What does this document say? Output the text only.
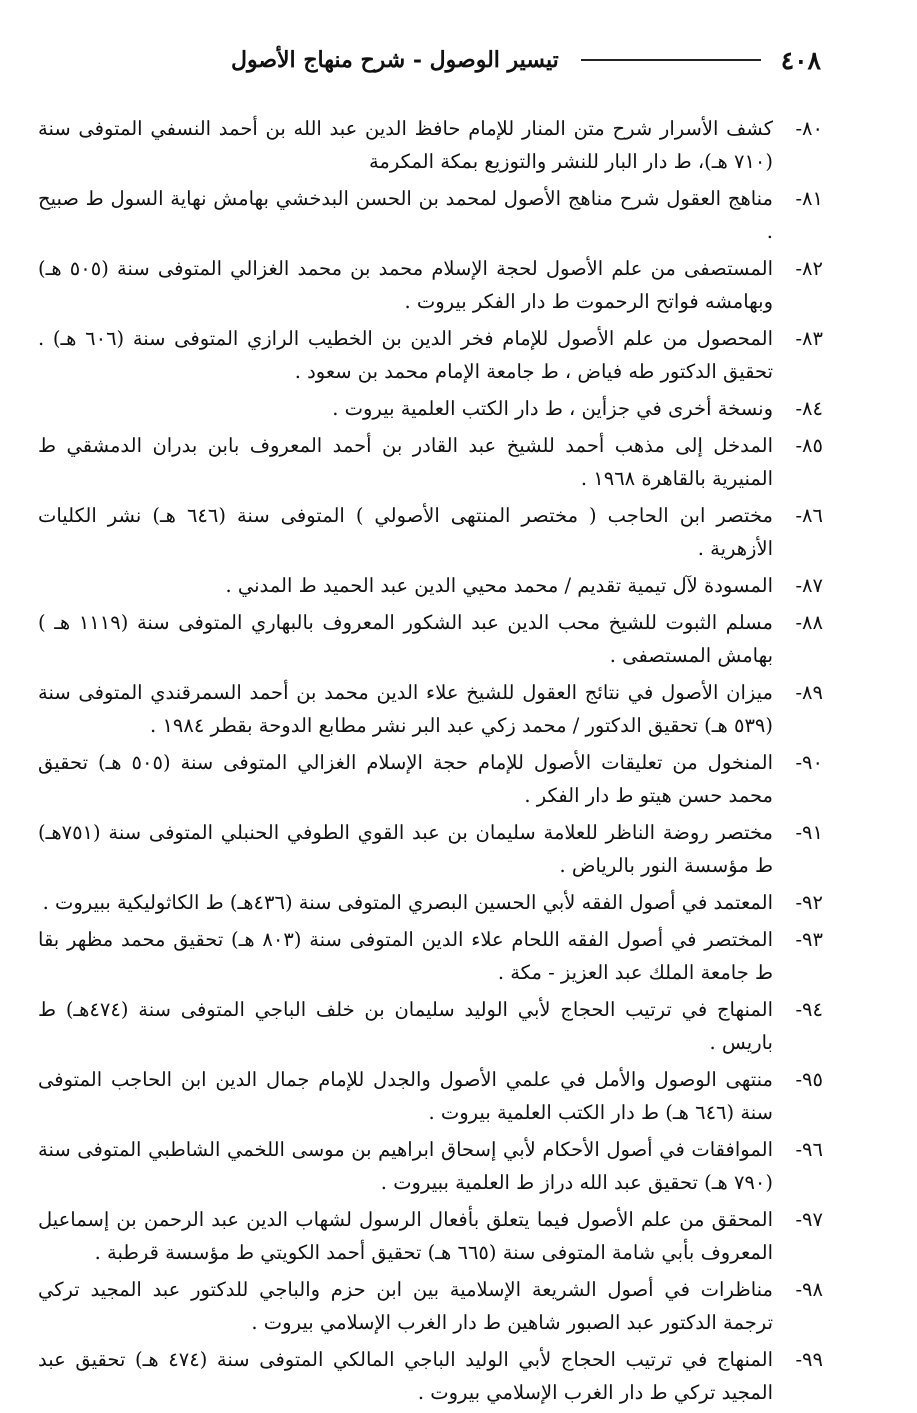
٤٠٨
تيسير الوصول - شرح منهاج الأصول

٨٠-
كشف الأسرار شرح متن المنار للإمام حافظ الدين عبد الله بن أحمد النسفي المتوفى سنة (٧١٠ هـ)، ط دار البار للنشر والتوزيع بمكة المكرمة

٨١-
مناهج العقول شرح مناهج الأصول لمحمد بن الحسن البدخشي بهامش نهاية السول ط صبيح .

٨٢-
المستصفى من علم الأصول لحجة الإسلام محمد بن محمد الغزالي المتوفى سنة (٥٠٥ هـ) وبهامشه فواتح الرحموت ط دار الفكر بيروت .

٨٣-
المحصول من علم الأصول للإمام فخر الدين بن الخطيب الرازي المتوفى سنة (٦٠٦ هـ) . تحقيق الدكتور طه فياض ، ط جامعة الإمام محمد بن سعود .

٨٤-
ونسخة أخرى في جزأين ، ط دار الكتب العلمية بيروت .

٨٥-
المدخل إلى مذهب أحمد للشيخ عبد القادر بن أحمد المعروف بابن بدران الدمشقي ط المنيرية بالقاهرة ١٩٦٨ .

٨٦-
مختصر ابن الحاجب ( مختصر المنتهى الأصولي ) المتوفى سنة (٦٤٦ هـ) نشر الكليات الأزهرية .

٨٧-
المسودة لآل تيمية تقديم / محمد محيي الدين عبد الحميد ط المدني .

٨٨-
مسلم الثبوت للشيخ محب الدين عبد الشكور المعروف بالبهاري المتوفى سنة (١١١٩ هـ ) بهامش المستصفى .

٨٩-
ميزان الأصول في نتائج العقول للشيخ علاء الدين محمد بن أحمد السمرقندي المتوفى سنة (٥٣٩ هـ) تحقيق الدكتور / محمد زكي عبد البر نشر مطابع الدوحة بقطر ١٩٨٤ .

٩٠-
المنخول من تعليقات الأصول للإمام حجة الإسلام الغزالي المتوفى سنة (٥٠٥ هـ) تحقيق محمد حسن هيتو ط دار الفكر .

٩١-
مختصر روضة الناظر للعلامة سليمان بن عبد القوي الطوفي الحنبلي المتوفى سنة (٧٥١هـ) ط مؤسسة النور بالرياض .

٩٢-
المعتمد في أصول الفقه لأبي الحسين البصري المتوفى سنة (٤٣٦هـ) ط الكاثوليكية ببيروت .

٩٣-
المختصر في أصول الفقه اللحام علاء الدين المتوفى سنة (٨٠٣ هـ) تحقيق محمد مظهر بقا ط جامعة الملك عبد العزيز - مكة .

٩٤-
المنهاج في ترتيب الحجاج لأبي الوليد سليمان بن خلف الباجي المتوفى سنة (٤٧٤هـ) ط باريس .

٩٥-
منتهى الوصول والأمل في علمي الأصول والجدل للإمام جمال الدين ابن الحاجب المتوفى سنة (٦٤٦ هـ) ط دار الكتب العلمية بيروت .

٩٦-
الموافقات في أصول الأحكام لأبي إسحاق ابراهيم بن موسى اللخمي الشاطبي المتوفى سنة (٧٩٠ هـ) تحقيق عبد الله دراز ط العلمية ببيروت .

٩٧-
المحقق من علم الأصول فيما يتعلق بأفعال الرسول لشهاب الدين عبد الرحمن بن إسماعيل المعروف بأبي شامة المتوفى سنة (٦٦٥ هـ) تحقيق أحمد الكويتي ط مؤسسة قرطبة .

٩٨-
مناظرات في أصول الشريعة الإسلامية بين ابن حزم والباجي للدكتور عبد المجيد تركي ترجمة الدكتور عبد الصبور شاهين ط دار الغرب الإسلامي بيروت .

٩٩-
المنهاج في ترتيب الحجاج لأبي الوليد الباجي المالكي المتوفى سنة (٤٧٤ هـ) تحقيق عبد المجيد تركي ط دار الغرب الإسلامي بيروت .
